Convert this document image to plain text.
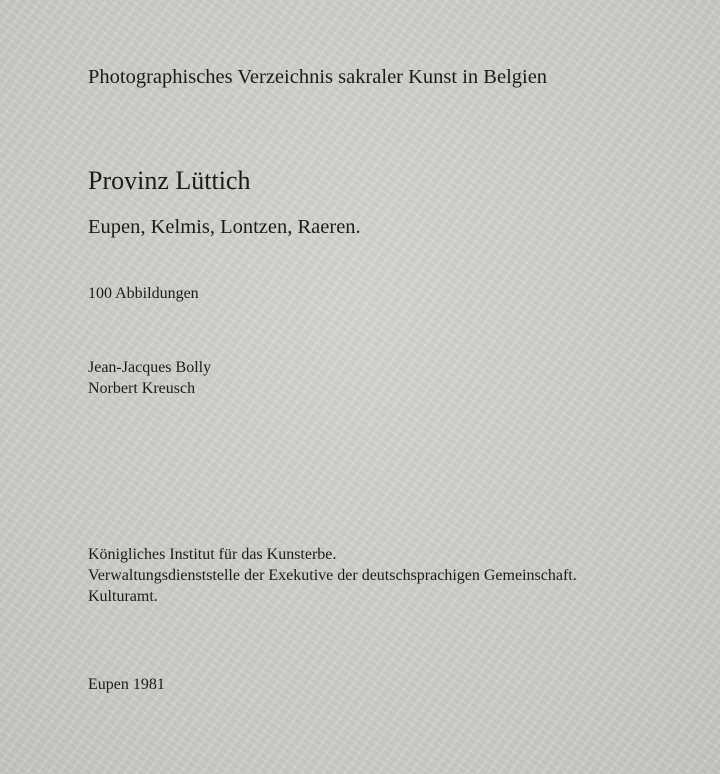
Photographisches Verzeichnis sakraler Kunst in Belgien
Provinz Lüttich
Eupen, Kelmis, Lontzen, Raeren.
100 Abbildungen
Jean-Jacques Bolly
Norbert Kreusch
Königliches Institut für das Kunsterbe.
Verwaltungsdienststelle der Exekutive der deutschsprachigen Gemeinschaft.
Kulturamt.
Eupen 1981
